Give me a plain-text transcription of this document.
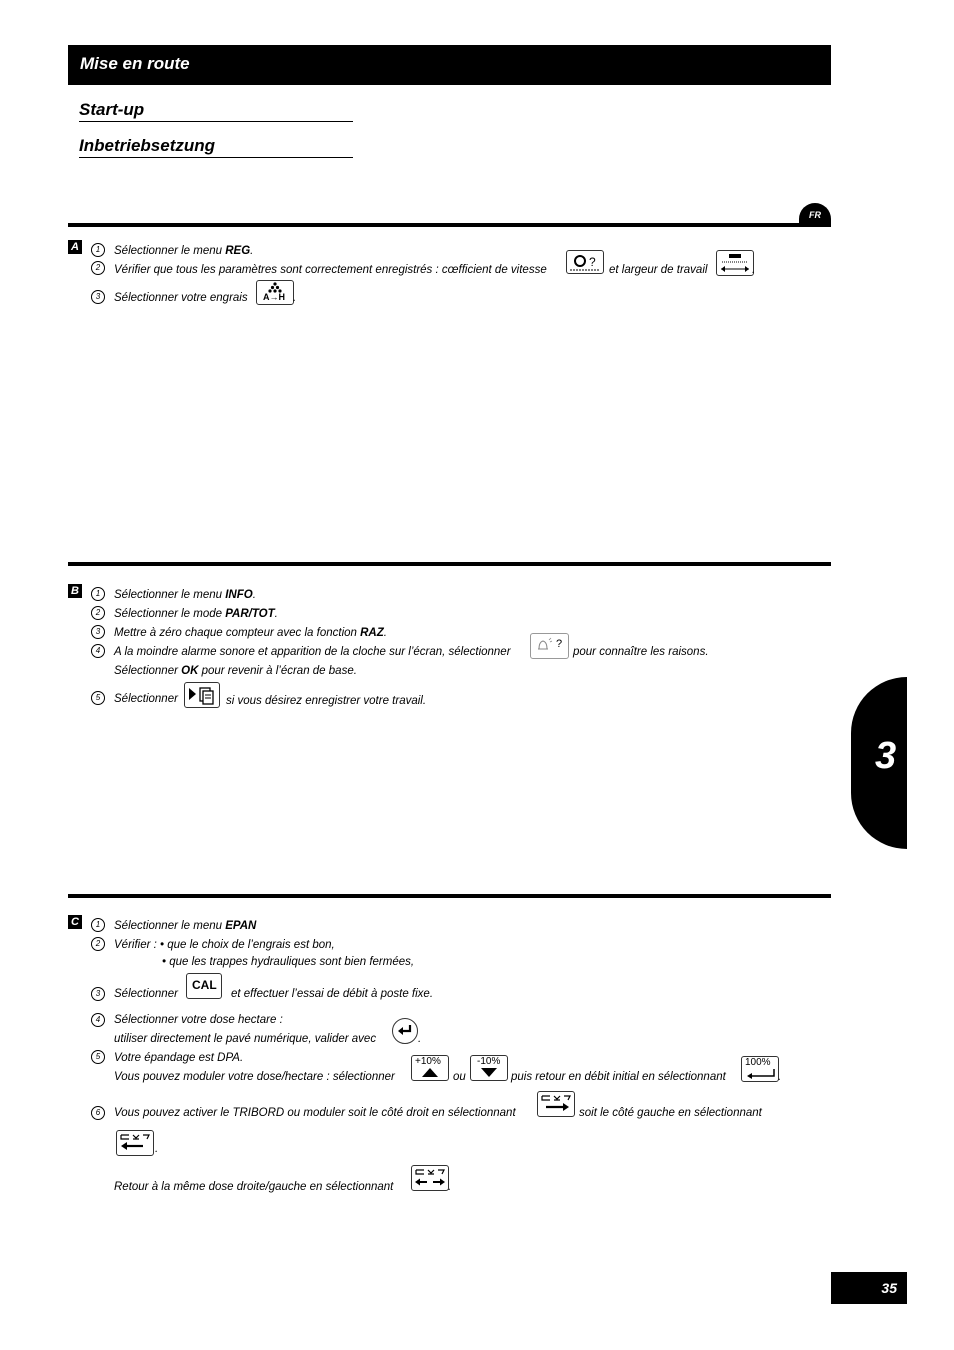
Mise en route
Start-up
Inbetriebsetzung
FR
A	1	Sélectionner le menu REG.
2	Vérifier que tous les paramètres sont correctement enregistrés : cœfficient de vitesse
?
et largeur de travail	.
3	Sélectionner votre engrais A→H .
B	1	Sélectionner le menu INFO.
2	Sélectionner le mode PAR/TOT.
3	Mettre à zéro chaque compteur avec la fonction RAZ.
4	A la moindre alarme sonore et apparition de la cloche sur l’écran, sélectionner
?
pour connaître les raisons.
Sélectionner OK pour revenir à l’écran de base.
5	Sélectionner	si vous désirez enregistrer votre travail.
C	1	Sélectionner le menu EPAN
2	Vérifier : • que le choix de l’engrais est bon,
• que les trappes hydrauliques sont bien fermées,
3	Sélectionner
CAL
et effectuer l’essai de débit à poste fixe.
4	Sélectionner votre dose hectare :
utiliser directement le pavé numérique, valider avec	.
5	Votre épandage est DPA.
Vous pouvez moduler votre dose/hectare : sélectionner
+10%
ou
-10%
puis retour en débit initial en sélectionnant
100%
.
6	Vous pouvez activer le TRIBORD ou moduler soit le côté droit en sélectionnant	soit le côté gauche en sélectionnant
.
Retour à la même dose droite/gauche en sélectionnant	.
3
35
